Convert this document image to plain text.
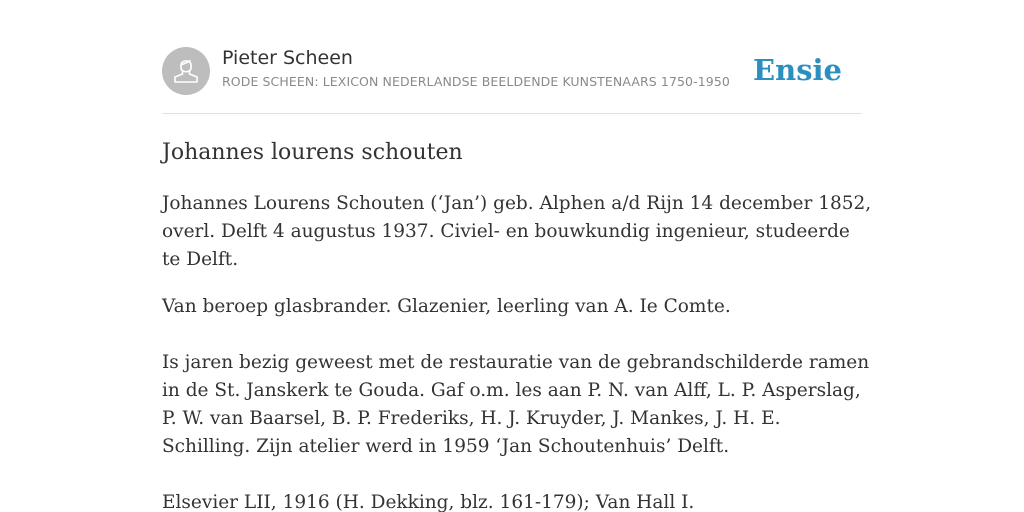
Pieter Scheen
RODE SCHEEN: LEXICON NEDERLANDSE BEELDENDE KUNSTENAARS 1750-1950 Ensie
Johannes lourens schouten

Johannes Lourens Schouten (‘Jan’) geb. Alphen a/d Rijn 14 december 1852, overl. Delft 4 augustus 1937. Civiel- en bouwkundig ingenieur, studeerde te Delft.

Van beroep glasbrander. Glazenier, leerling van A. Ie Comte.

Is jaren bezig geweest met de restauratie van de gebrandschilderde ramen in de St. Janskerk te Gouda. Gaf o.m. les aan P. N. van Alff, L. P. Asperslag, P. W. van Baarsel, B. P. Frederiks, H. J. Kruyder, J. Mankes, J. H. E. Schilling. Zijn atelier werd in 1959 ‘Jan Schoutenhuis’ Delft.

Elsevier LII, 1916 (H. Dekking, blz. 161-179); Van Hall I.
